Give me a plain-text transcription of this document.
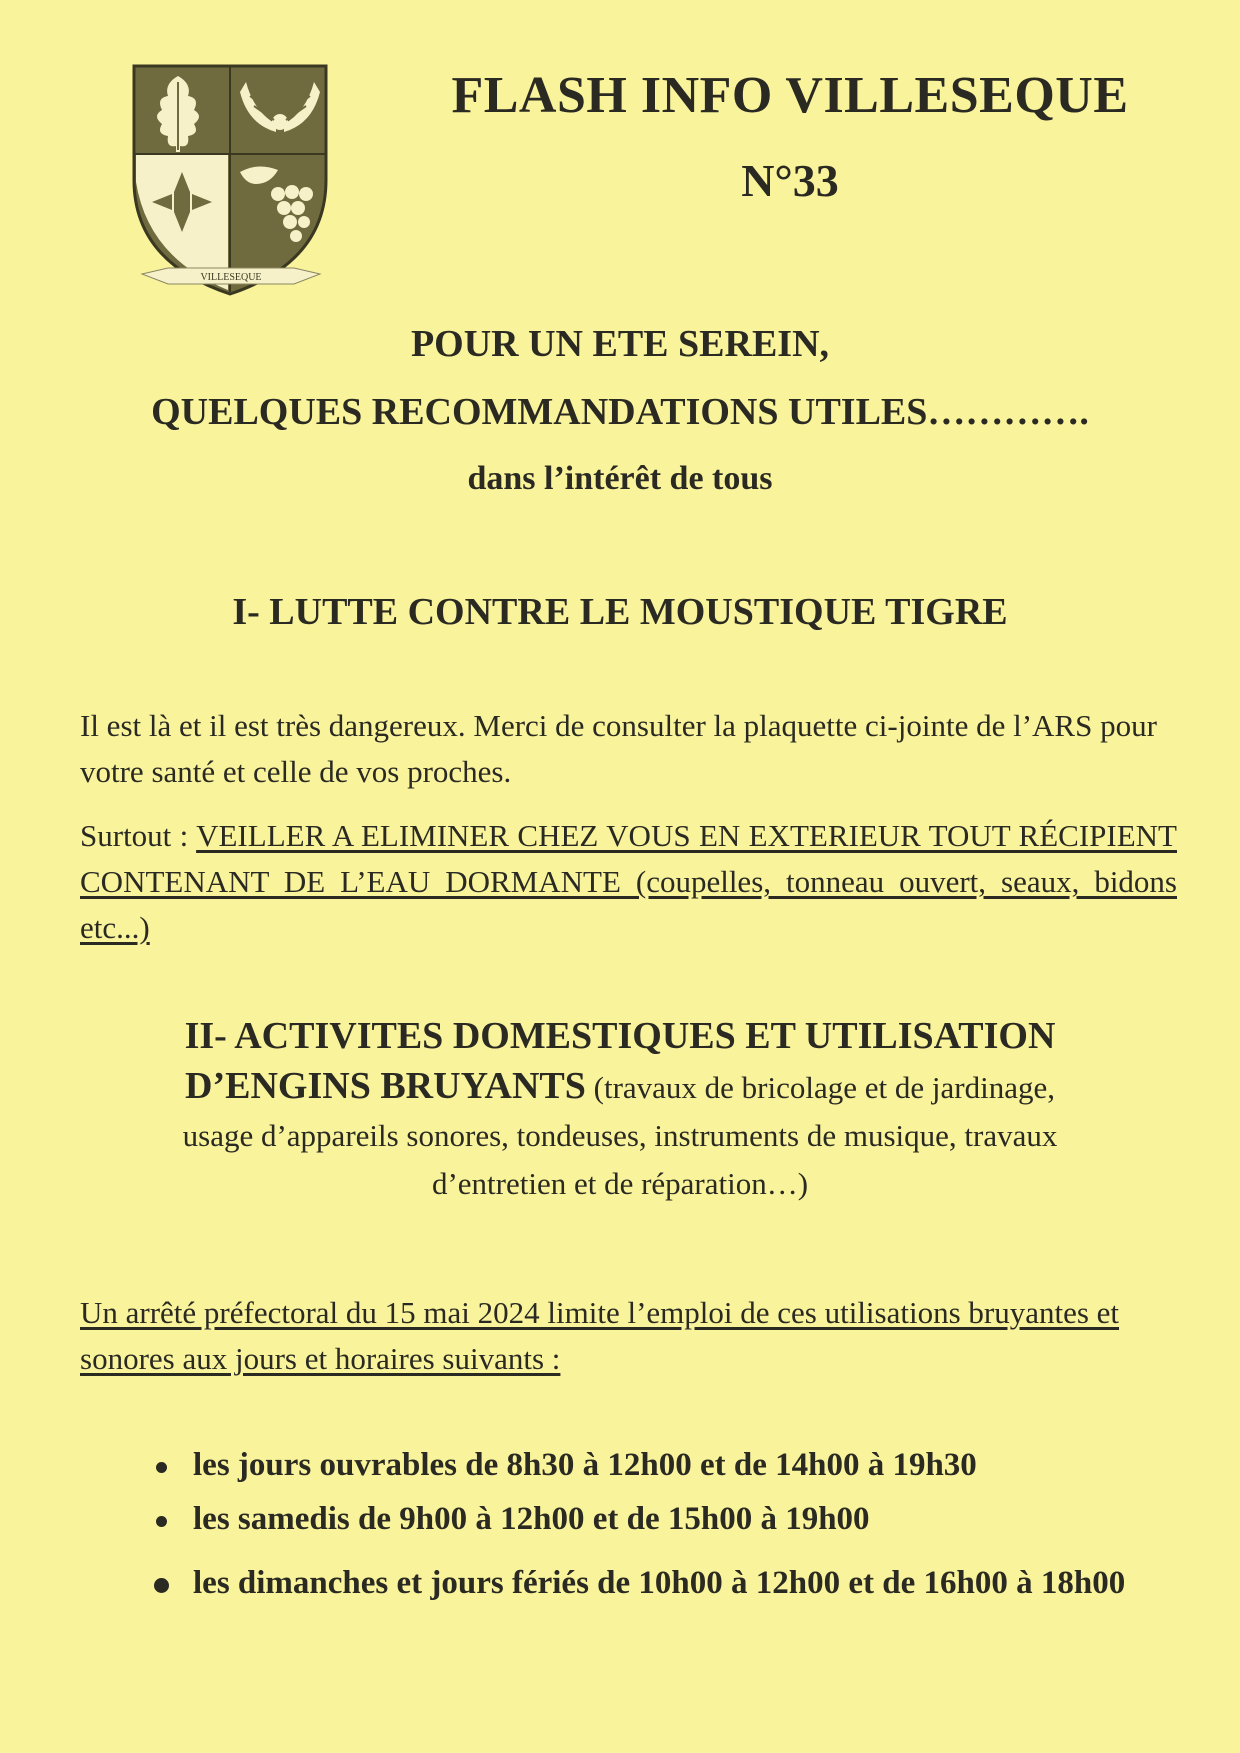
VILLESEQUE
FLASH INFO VILLESEQUE
N°33
POUR UN ETE SEREIN,
QUELQUES RECOMMANDATIONS UTILES………….
dans l’intérêt de tous
I- LUTTE CONTRE LE MOUSTIQUE TIGRE

Il est là et il est très dangereux. Merci de consulter la plaquette ci-jointe de l’ARS pour votre santé et celle de vos proches.

Surtout : VEILLER A ELIMINER CHEZ VOUS EN EXTERIEUR TOUT RÉCIPIENT CONTENANT DE L’EAU DORMANTE (coupelles, tonneau ouvert, seaux, bidons etc...)

II- ACTIVITES DOMESTIQUES ET UTILISATION
D’ENGINS BRUYANTS (travaux de bricolage et de jardinage,
usage d’appareils sonores, tondeuses, instruments de musique, travaux
d’entretien et de réparation…)

Un arrêté préfectoral du 15 mai 2024 limite l’emploi de ces utilisations bruyantes et sonores aux jours et horaires suivants :

les jours ouvrables de 8h30 à 12h00 et de 14h00 à 19h30
les samedis de 9h00 à 12h00 et de 15h00 à 19h00
les dimanches et jours fériés de 10h00 à 12h00 et de 16h00 à 18h00
